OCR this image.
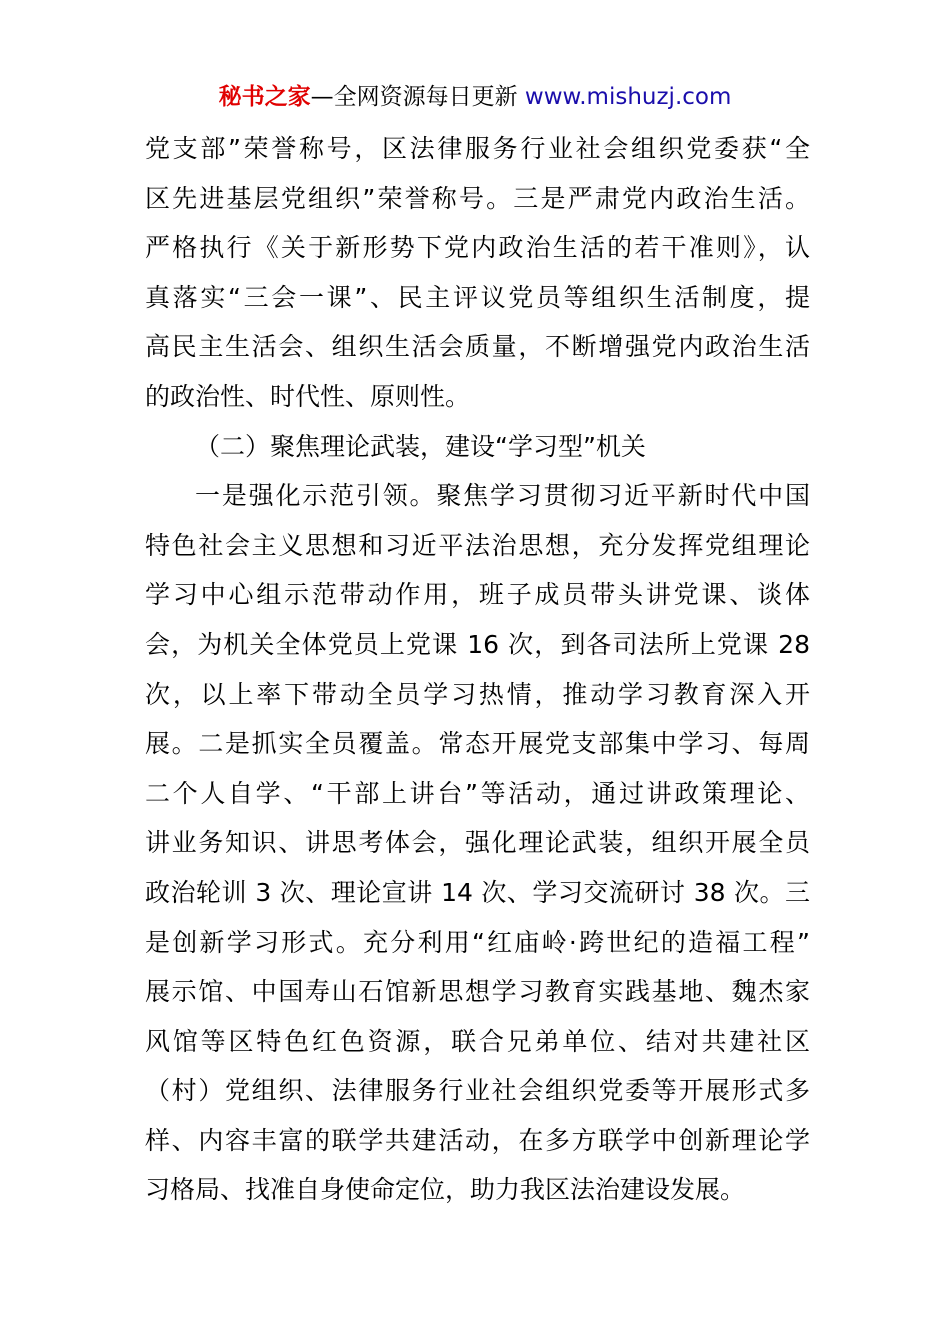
秘书之家—全网资源每日更新 www.mishuzj.com
党支部”荣誉称号，区法律服务行业社会组织党委获“全
区先进基层党组织”荣誉称号。三是严肃党内政治生活。
严格执行《关于新形势下党内政治生活的若干准则》，认
真落实“三会一课”、民主评议党员等组织生活制度，提
高民主生活会、组织生活会质量，不断增强党内政治生活
的政治性、时代性、原则性。
（二）聚焦理论武装，建设“学习型”机关
一是强化示范引领。聚焦学习贯彻习近平新时代中国
特色社会主义思想和习近平法治思想，充分发挥党组理论
学习中心组示范带动作用，班子成员带头讲党课、谈体
会，为机关全体党员上党课 16 次，到各司法所上党课 28
次，以上率下带动全员学习热情，推动学习教育深入开
展。二是抓实全员覆盖。常态开展党支部集中学习、每周
二个人自学、“干部上讲台”等活动，通过讲政策理论、
讲业务知识、讲思考体会，强化理论武装，组织开展全员
政治轮训 3 次、理论宣讲 14 次、学习交流研讨 38 次。三
是创新学习形式。充分利用“红庙岭·跨世纪的造福工程”
展示馆、中国寿山石馆新思想学习教育实践基地、魏杰家
风馆等区特色红色资源，联合兄弟单位、结对共建社区
（村）党组织、法律服务行业社会组织党委等开展形式多
样、内容丰富的联学共建活动，在多方联学中创新理论学
习格局、找准自身使命定位，助力我区法治建设发展。
